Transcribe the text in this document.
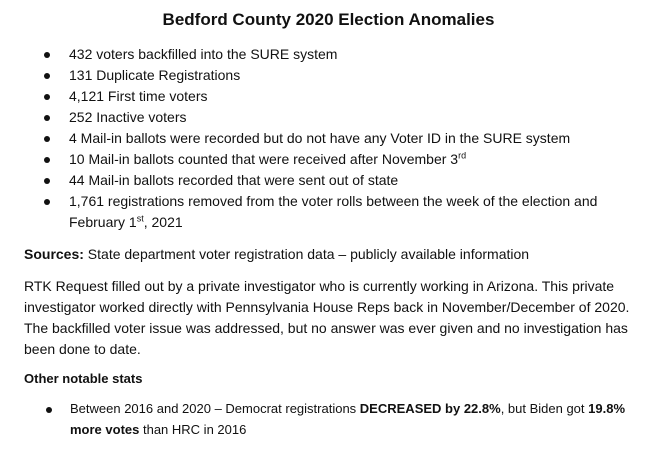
Bedford County 2020 Election Anomalies
432 voters backfilled into the SURE system
131 Duplicate Registrations
4,121 First time voters
252 Inactive voters
4 Mail-in ballots were recorded but do not have any Voter ID in the SURE system
10 Mail-in ballots counted that were received after November 3rd
44 Mail-in ballots recorded that were sent out of state
1,761 registrations removed from the voter rolls between the week of the election and February 1st, 2021

Sources: State department voter registration data – publicly available information

RTK Request filled out by a private investigator who is currently working in Arizona. This private investigator worked directly with Pennsylvania House Reps back in November/December of 2020. The backfilled voter issue was addressed, but no answer was ever given and no investigation has been done to date.

Other notable stats
Between 2016 and 2020 – Democrat registrations DECREASED by 22.8%, but Biden got 19.8% more votes than HRC in 2016
